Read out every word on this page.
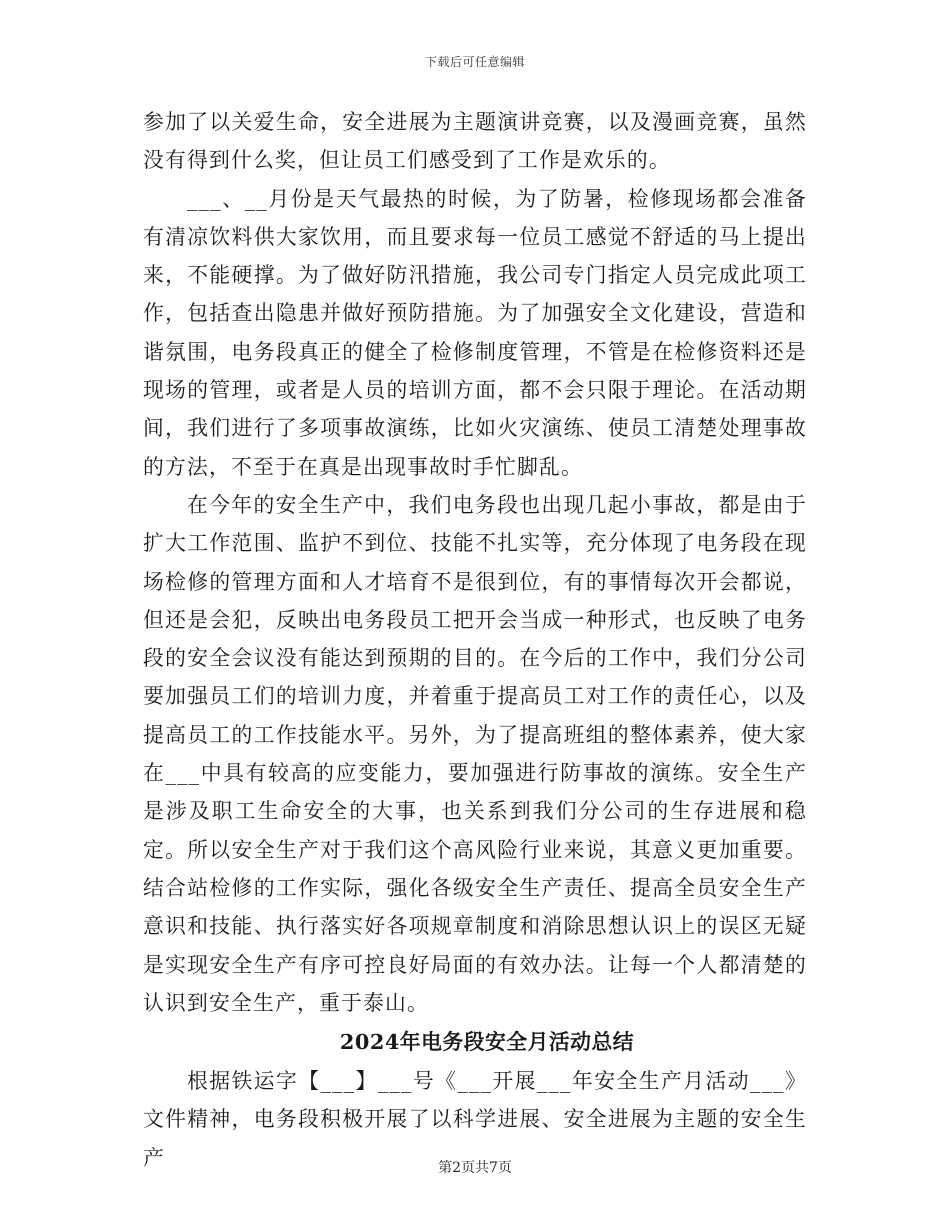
下载后可任意编辑

参加了以关爱生命，安全进展为主题演讲竞赛，以及漫画竞赛，虽然没有得到什么奖，但让员工们感受到了工作是欢乐的。

___、__月份是天气最热的时候，为了防暑，检修现场都会准备有清凉饮料供大家饮用，而且要求每一位员工感觉不舒适的马上提出来，不能硬撑。为了做好防汛措施，我公司专门指定人员完成此项工作，包括查出隐患并做好预防措施。为了加强安全文化建设，营造和谐氛围，电务段真正的健全了检修制度管理，不管是在检修资料还是现场的管理，或者是人员的培训方面，都不会只限于理论。在活动期间，我们进行了多项事故演练，比如火灾演练、使员工清楚处理事故的方法，不至于在真是出现事故时手忙脚乱。

在今年的安全生产中，我们电务段也出现几起小事故，都是由于扩大工作范围、监护不到位、技能不扎实等，充分体现了电务段在现场检修的管理方面和人才培育不是很到位，有的事情每次开会都说，但还是会犯，反映出电务段员工把开会当成一种形式，也反映了电务段的安全会议没有能达到预期的目的。在今后的工作中，我们分公司要加强员工们的培训力度，并着重于提高员工对工作的责任心，以及提高员工的工作技能水平。另外，为了提高班组的整体素养，使大家在___中具有较高的应变能力，要加强进行防事故的演练。安全生产是涉及职工生命安全的大事，也关系到我们分公司的生存进展和稳定。所以安全生产对于我们这个高风险行业来说，其意义更加重要。结合站检修的工作实际，强化各级安全生产责任、提高全员安全生产意识和技能、执行落实好各项规章制度和消除思想认识上的误区无疑是实现安全生产有序可控良好局面的有效办法。让每一个人都清楚的认识到安全生产，重于泰山。

2024年电务段安全月活动总结

根据铁运字【___】___号《___开展___年安全生产月活动___》文件精神，电务段积极开展了以科学进展、安全进展为主题的安全生产	第2页共7页
